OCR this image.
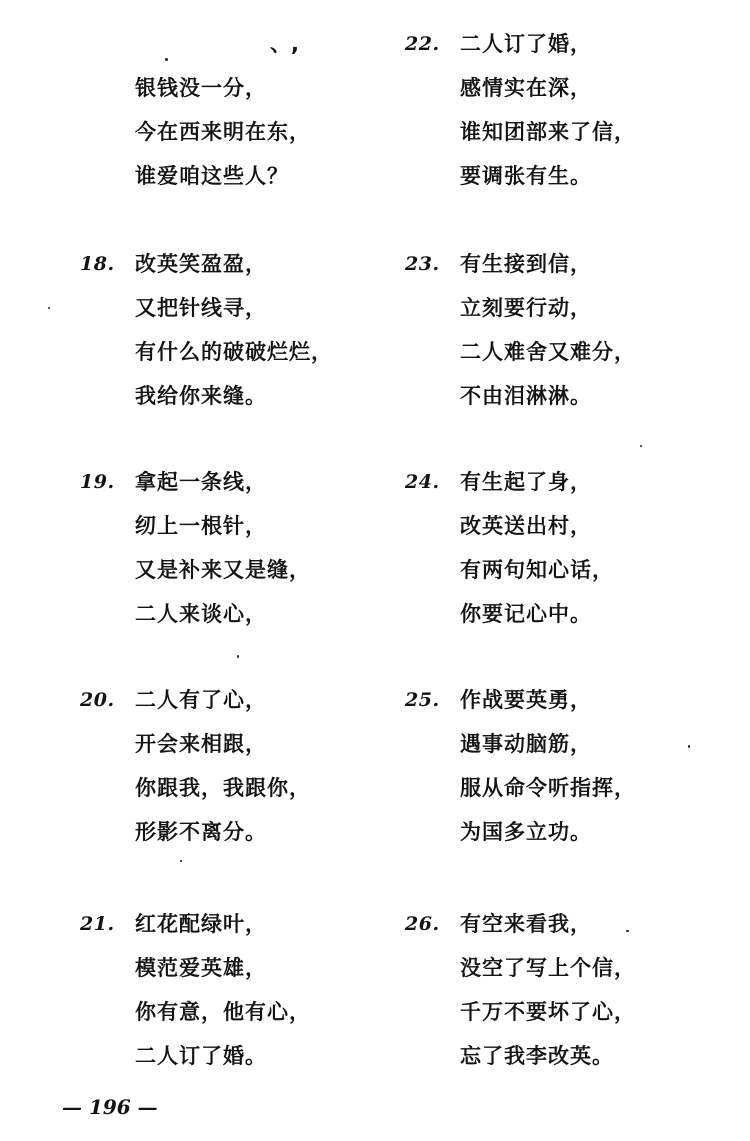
、,
银钱没一分，
今在西来明在东，
谁爱咱这些人？
18. 改英笑盈盈，
又把针线寻，
有什么的破破烂烂，
我给你来缝。
19. 拿起一条线，
纫上一根针，
又是补来又是缝，
二人来谈心，
20. 二人有了心，
开会来相跟，
你跟我，我跟你，
形影不离分。
21. 红花配绿叶，
模范爱英雄，
你有意，他有心，
二人订了婚。
22. 二人订了婚，
感情实在深，
谁知团部来了信，
要调张有生。
23. 有生接到信，
立刻要行动，
二人难舍又难分，
不由泪淋淋。
24. 有生起了身，
改英送出村，
有两句知心话，
你要记心中。
25. 作战要英勇，
遇事动脑筋，
服从命令听指挥，
为国多立功。
26. 有空来看我，
没空了写上个信，
千万不要坏了心，
忘了我李改英。
— 196 —
